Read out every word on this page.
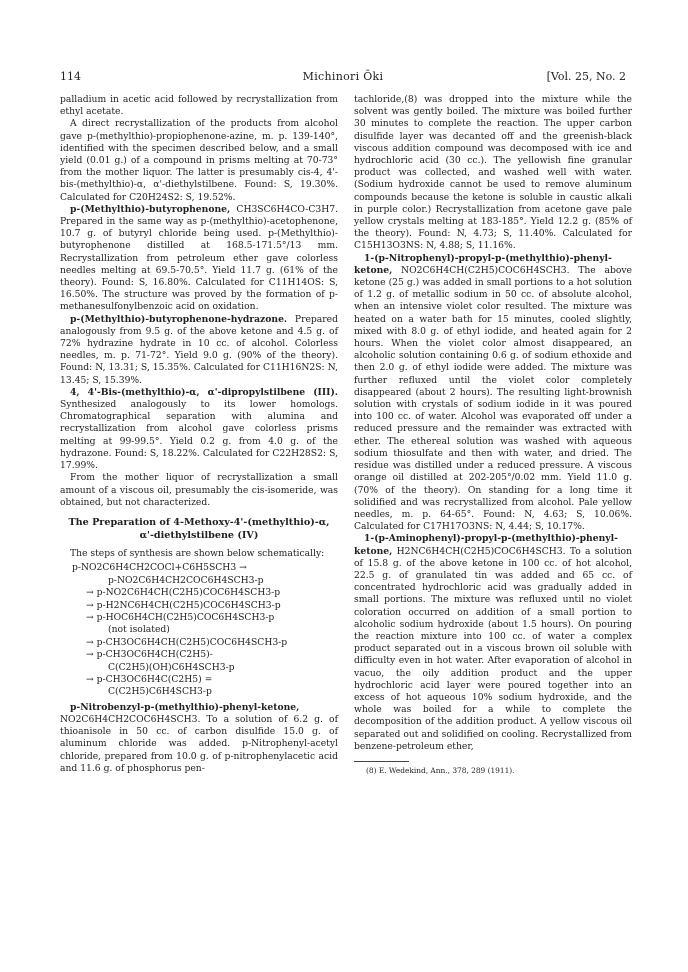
114	Michinori Ōki	[Vol. 25, No. 2

palladium in acetic acid followed by recrystallization from ethyl acetate.

A direct recrystallization of the products from alcohol gave p-(methylthio)-propiophenone-azine, m. p. 139-140°, identified with the specimen described below, and a small yield (0.01 g.) of a compound in prisms melting at 70-73° from the mother liquor. The latter is presumably cis-4, 4'-bis-(methylthio)-α, α'-diethylstilbene. Found: S, 19.30%. Calculated for C20H24S2: S, 19.52%.

p-(Methylthio)-butyrophenone, CH3SC6H4CO-C3H7. Prepared in the same way as p-(methylthio)-acetophenone, 10.7 g. of butyryl chloride being used. p-(Methylthio)-butyrophenone distilled at 168.5-171.5°/13 mm. Recrystallization from petroleum ether gave colorless needles melting at 69.5-70.5°. Yield 11.7 g. (61% of the theory). Found: S, 16.80%. Calculated for C11H14OS: S, 16.50%. The structure was proved by the formation of p-methanesulfonylbenzoic acid on oxidation.

p-(Methylthio)-butyrophenone-hydrazone. Prepared analogously from 9.5 g. of the above ketone and 4.5 g. of 72% hydrazine hydrate in 10 cc. of alcohol. Colorless needles, m. p. 71-72°. Yield 9.0 g. (90% of the theory). Found: N, 13.31; S, 15.35%. Calculated for C11H16N2S: N, 13.45; S, 15.39%.

4, 4'-Bis-(methylthio)-α, α'-dipropylstilbene (III). Synthesized analogously to its lower homologs. Chromatographical separation with alumina and recrystallization from alcohol gave colorless prisms melting at 99-99.5°. Yield 0.2 g. from 4.0 g. of the hydrazone. Found: S, 18.22%. Calculated for C22H28S2: S, 17.99%.

From the mother liquor of recrystallization a small amount of a viscous oil, presumably the cis-isomeride, was obtained, but not characterized.

The Preparation of 4-Methoxy-4'-(methylthio)-α, α'-diethylstilbene (IV)

The steps of synthesis are shown below schematically:

p-NO2C6H4CH2COCl+C6H5SCH3 →
p-NO2C6H4CH2COC6H4SCH3-p
→ p-NO2C6H4CH(C2H5)COC6H4SCH3-p
→ p-H2NC6H4CH(C2H5)COC6H4SCH3-p
→ p-HOC6H4CH(C2H5)COC6H4SCH3-p
(not isolated)
→ p-CH3OC6H4CH(C2H5)COC6H4SCH3-p
→ p-CH3OC6H4CH(C2H5)-
C(C2H5)(OH)C6H4SCH3-p
→ p-CH3OC6H4C(C2H5) =
C(C2H5)C6H4SCH3-p

p-Nitrobenzyl-p-(methylthio)-phenyl-ketone, NO2C6H4CH2COC6H4SCH3. To a solution of 6.2 g. of thioanisole in 50 cc. of carbon disulfide 15.0 g. of aluminum chloride was added. p-Nitrophenyl-acetyl chloride, prepared from 10.0 g. of p-nitrophenylacetic acid and 11.6 g. of phosphorus pen-

tachloride,(8) was dropped into the mixture while the solvent was gently boiled. The mixture was boiled further 30 minutes to complete the reaction. The upper carbon disulfide layer was decanted off and the greenish-black viscous addition compound was decomposed with ice and hydrochloric acid (30 cc.). The yellowish fine granular product was collected, and washed well with water. (Sodium hydroxide cannot be used to remove aluminum compounds because the ketone is soluble in caustic alkali in purple color.) Recrystallization from acetone gave pale yellow crystals melting at 183-185°. Yield 12.2 g. (85% of the theory). Found: N, 4.73; S, 11.40%. Calculated for C15H13O3NS: N, 4.88; S, 11.16%.

1-(p-Nitrophenyl)-propyl-p-(methylthio)-phenyl-ketone, NO2C6H4CH(C2H5)COC6H4SCH3. The above ketone (25 g.) was added in small portions to a hot solution of 1.2 g. of metallic sodium in 50 cc. of absolute alcohol, when an intensive violet color resulted. The mixture was heated on a water bath for 15 minutes, cooled slightly, mixed with 8.0 g. of ethyl iodide, and heated again for 2 hours. When the violet color almost disappeared, an alcoholic solution containing 0.6 g. of sodium ethoxide and then 2.0 g. of ethyl iodide were added. The mixture was further refluxed until the violet color completely disappeared (about 2 hours). The resulting light-brownish solution with crystals of sodium iodide in it was poured into 100 cc. of water. Alcohol was evaporated off under a reduced pressure and the remainder was extracted with ether. The ethereal solution was washed with aqueous sodium thiosulfate and then with water, and dried. The residue was distilled under a reduced pressure. A viscous orange oil distilled at 202-205°/0.02 mm. Yield 11.0 g. (70% of the theory). On standing for a long time it solidified and was recrystallized from alcohol. Pale yellow needles, m. p. 64-65°. Found: N, 4.63; S, 10.06%. Calculated for C17H17O3NS: N, 4.44; S, 10.17%.

1-(p-Aminophenyl)-propyl-p-(methylthio)-phenyl-ketone, H2NC6H4CH(C2H5)COC6H4SCH3. To a solution of 15.8 g. of the above ketone in 100 cc. of hot alcohol, 22.5 g. of granulated tin was added and 65 cc. of concentrated hydrochloric acid was gradually added in small portions. The mixture was refluxed until no violet coloration occurred on addition of a small portion to alcoholic sodium hydroxide (about 1.5 hours). On pouring the reaction mixture into 100 cc. of water a complex product separated out in a viscous brown oil soluble with difficulty even in hot water. After evaporation of alcohol in vacuo, the oily addition product and the upper hydrochloric acid layer were poured together into an excess of hot aqueous 10% sodium hydroxide, and the whole was boiled for a while to complete the decomposition of the addition product. A yellow viscous oil separated out and solidified on cooling. Recrystallized from benzene-petroleum ether,

(8) E. Wedekind, Ann., 378, 289 (1911).
